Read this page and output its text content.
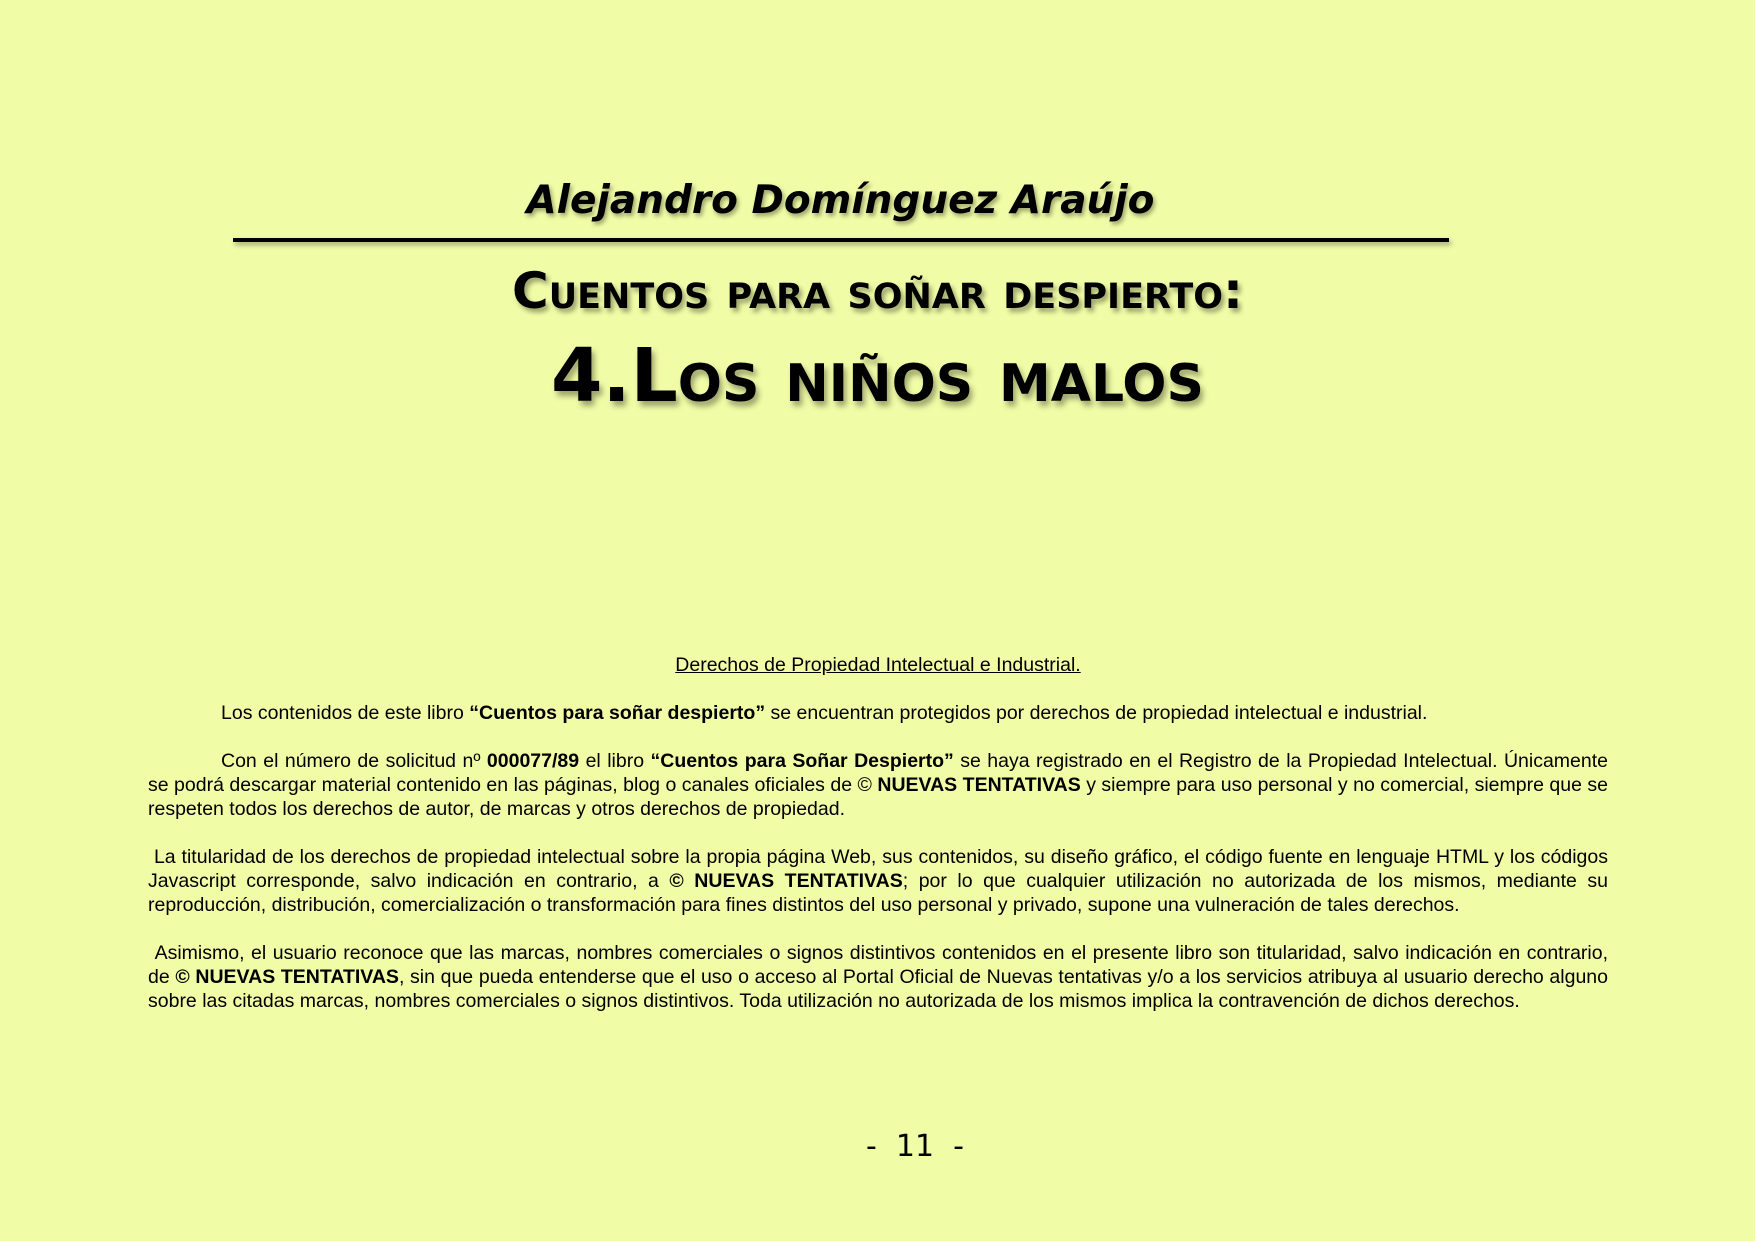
Alejandro Domínguez Araújo
Cuentos para soñar despierto:
4.Los niños malos
Derechos de Propiedad Intelectual e Industrial.

Los contenidos de este libro “Cuentos para soñar despierto” se encuentran protegidos por derechos de propiedad intelectual e industrial.

Con el número de solicitud nº 000077/89 el libro “Cuentos para Soñar Despierto” se haya registrado en el Registro de la Propiedad Intelectual. Únicamente se podrá descargar material contenido en las páginas, blog o canales oficiales de © NUEVAS TENTATIVAS y siempre para uso personal y no comercial, siempre que se respeten todos los derechos de autor, de marcas y otros derechos de propiedad.

La titularidad de los derechos de propiedad intelectual sobre la propia página Web, sus contenidos, su diseño gráfico, el código fuente en lenguaje HTML y los códigos Javascript corresponde, salvo indicación en contrario, a © NUEVAS TENTATIVAS; por lo que cualquier utilización no autorizada de los mismos, mediante su reproducción, distribución, comercialización o transformación para fines distintos del uso personal y privado, supone una vulneración de tales derechos.

Asimismo, el usuario reconoce que las marcas, nombres comerciales o signos distintivos contenidos en el presente libro son titularidad, salvo indicación en contrario, de © NUEVAS TENTATIVAS, sin que pueda entenderse que el uso o acceso al Portal Oficial de Nuevas tentativas y/o a los servicios atribuya al usuario derecho alguno sobre las citadas marcas, nombres comerciales o signos distintivos. Toda utilización no autorizada de los mismos implica la contravención de dichos derechos.

-  11  -
